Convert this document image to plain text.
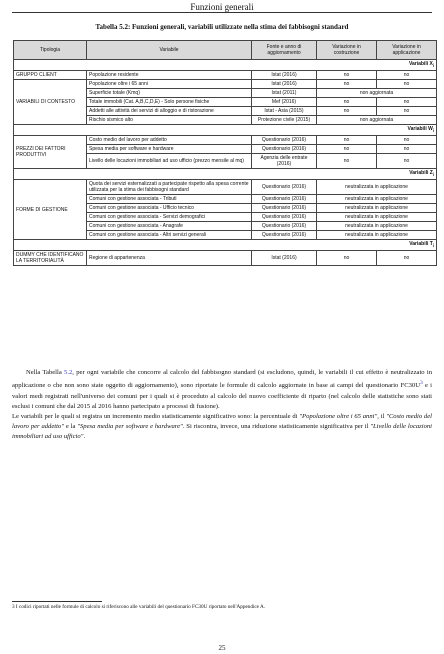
Funzioni generali
Tabella 5.2: Funzioni generali, variabili utilizzate nella stima dei fabbisogni standard
Tipologia	Variabile	Fonte e anno di aggiornamento	Variazione in costruzione	Variazione in applicazione
Variabili $X_i$
GRUPPO CLIENT	Popolazione residente	Istat (2016)	no	no
VARIABILI DI CONTESTO	Popolazione oltre i 65 anni	Istat (2016)	no	no
	Superficie totale (Kmq)	Istat (2011)	non aggiornata	
	Totale immobili (Cat. A,B,C,D,E) - Solo persone fisiche	Mef (2016)	no	no
	Addetti alle attività dei servizi di alloggio e di ristorazione	Istat - Asia (2015)	no	no
	Rischio sismico alto	Protezione civile (2015)	non aggiornata	
Variabili $W_i$
PREZZI DEI FATTORI PRODUTTIVI	Costo medio del lavoro per addetto	Questionario (2016)	no	no
	Spesa media per software e hardware	Questionario (2016)	no	no
	Livello delle locazioni immobiliari ad uso ufficio (prezzo mensile al mq)	Agenzia delle entrate (2016)	no	no
Variabili $Z_i$
FORME DI GESTIONE	Quota dei servizi esternalizzati a partecipate rispetto alla spesa corrente utilizzata per la stima dei fabbisogni standard	Questionario (2016)	neutralizzata in applicazione	
	Comuni con gestione associata - Tributi	Questionario (2016)	neutralizzata in applicazione	
	Comuni con gestione associata - Ufficio tecnico	Questionario (2016)	neutralizzata in applicazione	
	Comuni con gestione associata - Servizi demografici	Questionario (2016)	neutralizzata in applicazione	
	Comuni con gestione associata - Anagrafe	Questionario (2016)	neutralizzata in applicazione	
	Comuni con gestione associata - Altri servizi generali	Questionario (2016)	neutralizzata in applicazione	
Variabili $T_i$
DUMMY CHE IDENTIFICANO LA TERRITORIALITÀ	Regione di appartenenza	Istat (2016)	no	no

Nella Tabella 5.2, per ogni variabile che concorre al calcolo del fabbisogno standard (si escludono, quindi, le variabili il cui effetto è neutralizzato in applicazione o che non sono state oggetto di aggiornamento), sono riportate le formule di calcolo aggiornate in base ai campi del questionario FC30U$^3$ e i valori medi registrati nell'universo dei comuni per i quali si è proceduto al calcolo del nuovo coefficiente di riparto (nel calcolo delle statistiche sono stati esclusi i comuni che dal 2015 al 2016 hanno partecipato a processi di fusione).

Le variabili per le quali si registra un incremento medio statisticamente significativo sono: la percentuale di "Popolazione oltre i 65 anni", il "Costo medio del lavoro per addetto" e la "Spesa media per software e hardware". Si riscontra, invece, una riduzione statisticamente significativa per il "Livello delle locazioni immobiliari ad uso ufficio".

3 I codici riportati nelle formule di calcolo si riferiscono alle variabili del questionario FC30U riportato nell'Appendice A.
25
